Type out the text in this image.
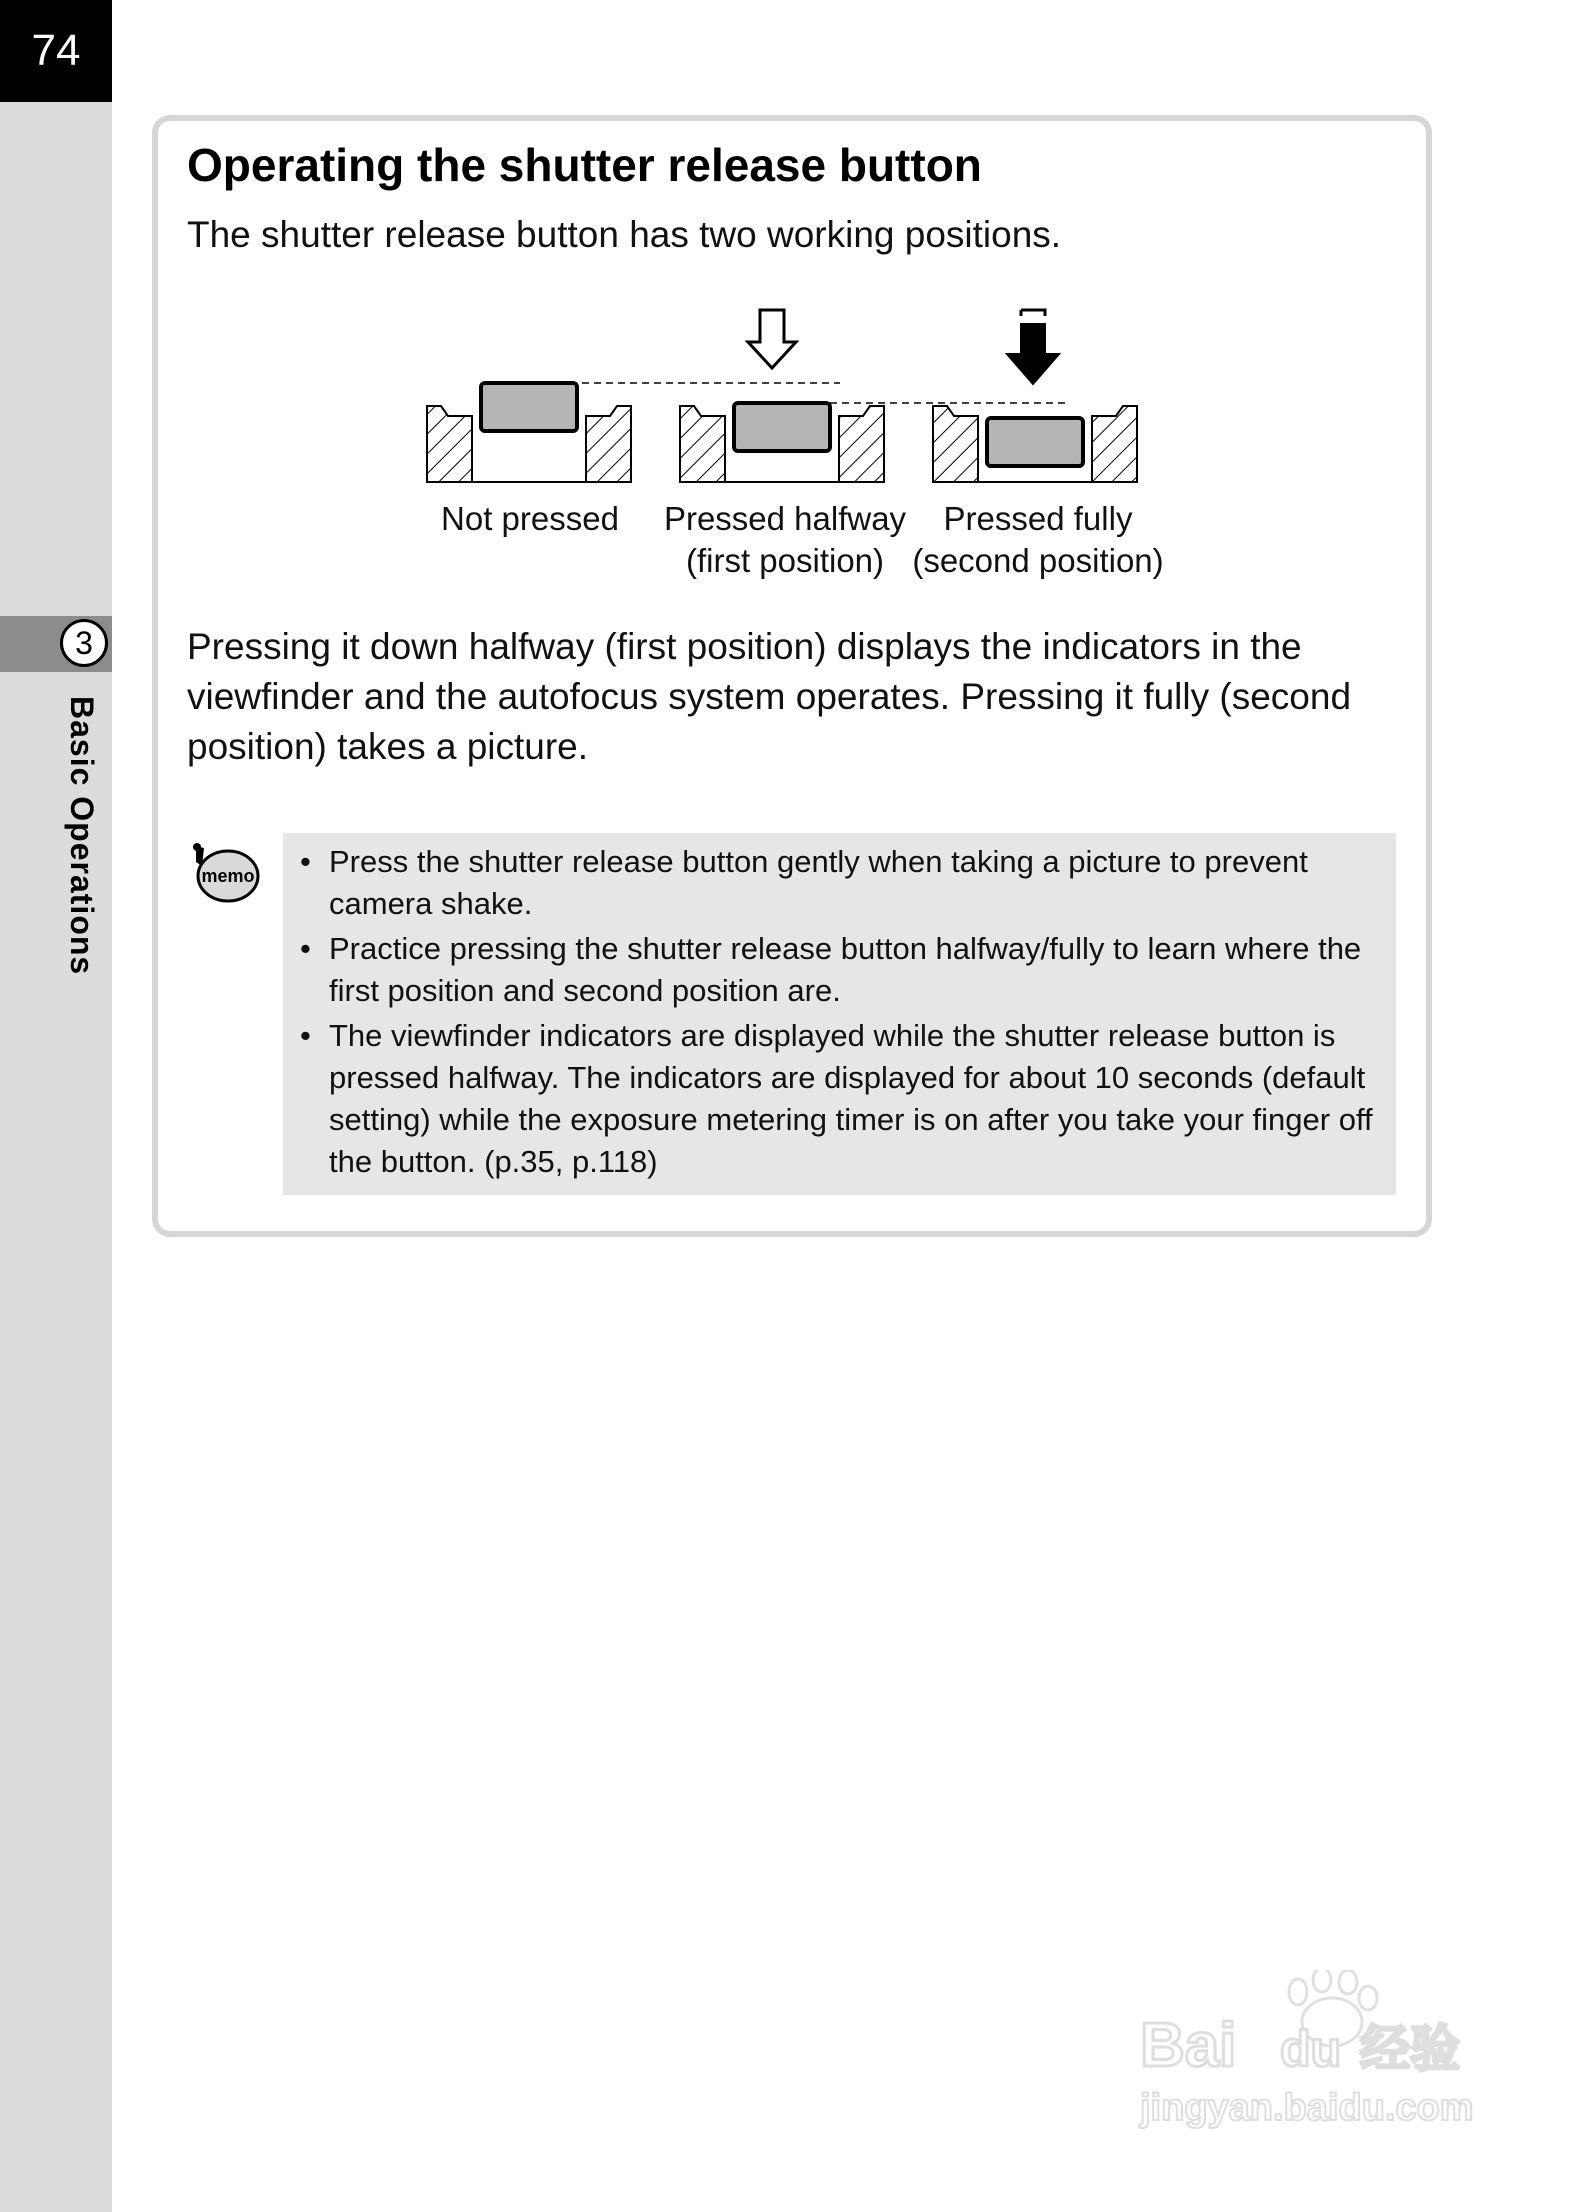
74
3
Basic Operations
Operating the shutter release button
The shutter release button has two working positions.
Not pressed	Pressed halfway
(first position)
Pressed fully
(second position)

Pressing it down halfway (first position) displays the indicators in the viewfinder and the autofocus system operates. Pressing it fully (second position) takes a picture.

memo
•	Press the shutter release button gently when taking a picture to prevent camera shake.
• Practice pressing the shutter release button halfway/fully to learn where the first position and second position are.
• The viewfinder indicators are displayed while the shutter release button is pressed halfway. The indicators are displayed for about 10 seconds (default setting) while the exposure metering timer is on after you take your finger off the button. (p.35, p.118)
Bai du 经验
jingyan.baidu.com
